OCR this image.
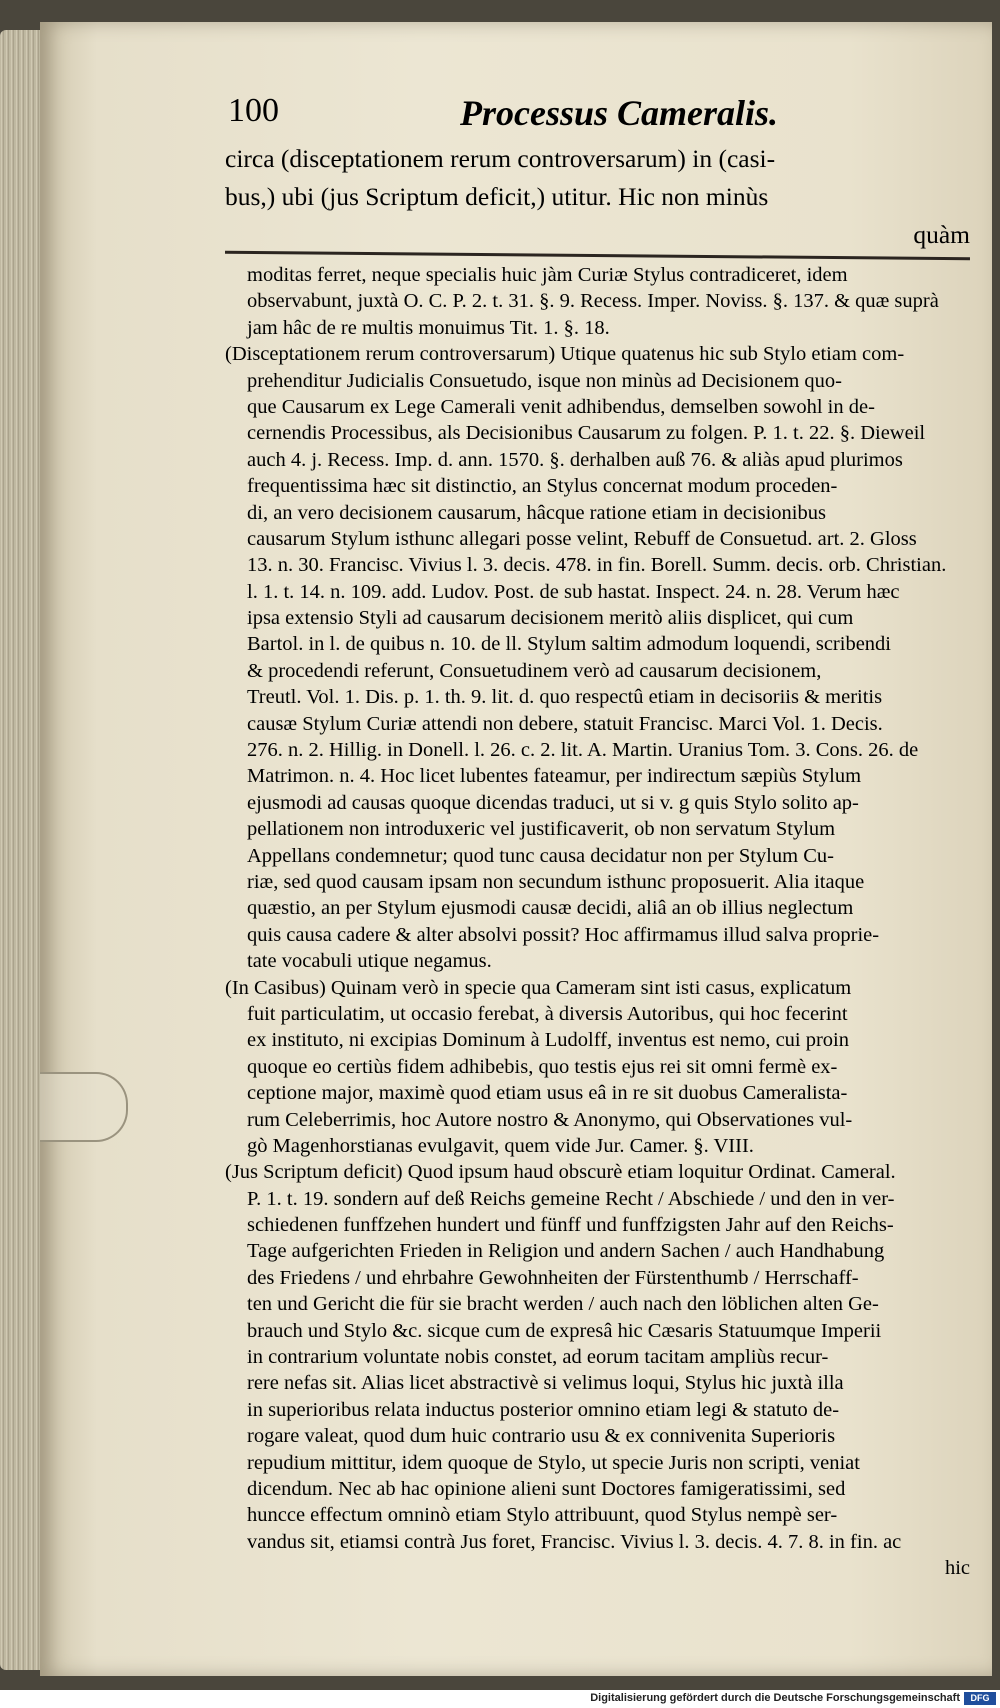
100	Processus Cameralis.
circa (disceptationem rerum controversarum) in (casi-
bus,) ubi (jus Scriptum deficit,) utitur. Hic non minùs
quàm
moditas ferret, neque specialis huic jàm Curiæ Stylus contradiceret, idem
observabunt, juxtà O. C. P. 2. t. 31. §. 9. Recess. Imper. Noviss. §. 137. & quæ suprà
jam hâc de re multis monuimus Tit. 1. §. 18.
(Disceptationem rerum controversarum) Utique quatenus hic sub Stylo etiam com-
prehenditur Judicialis Consuetudo, isque non minùs ad Decisionem quo-
que Causarum ex Lege Camerali venit adhibendus, demselben sowohl in de-
cernendis Processibus, als Decisionibus Causarum zu folgen. P. 1. t. 22. §. Dieweil
auch 4. j. Recess. Imp. d. ann. 1570. §. derhalben auß 76. & aliàs apud plurimos
frequentissima hæc sit distinctio, an Stylus concernat modum proceden-
di, an vero decisionem causarum, hâcque ratione etiam in decisionibus
causarum Stylum isthunc allegari posse velint, Rebuff de Consuetud. art. 2. Gloss
13. n. 30. Francisc. Vivius l. 3. decis. 478. in fin. Borell. Summ. decis. orb. Christian.
l. 1. t. 14. n. 109. add. Ludov. Post. de sub hastat. Inspect. 24. n. 28. Verum hæc
ipsa extensio Styli ad causarum decisionem meritò aliis displicet, qui cum
Bartol. in l. de quibus n. 10. de ll. Stylum saltim admodum loquendi, scribendi
& procedendi referunt, Consuetudinem verò ad causarum decisionem,
Treutl. Vol. 1. Dis. p. 1. th. 9. lit. d. quo respectû etiam in decisoriis & meritis
causæ Stylum Curiæ attendi non debere, statuit Francisc. Marci Vol. 1. Decis.
276. n. 2. Hillig. in Donell. l. 26. c. 2. lit. A. Martin. Uranius Tom. 3. Cons. 26. de
Matrimon. n. 4. Hoc licet lubentes fateamur, per indirectum sæpiùs Stylum
ejusmodi ad causas quoque dicendas traduci, ut si v. g quis Stylo solito ap-
pellationem non introduxeric vel justificaverit, ob non servatum Stylum
Appellans condemnetur; quod tunc causa decidatur non per Stylum Cu-
riæ, sed quod causam ipsam non secundum isthunc proposuerit. Alia itaque
quæstio, an per Stylum ejusmodi causæ decidi, aliâ an ob illius neglectum
quis causa cadere & alter absolvi possit? Hoc affirmamus illud salva proprie-
tate vocabuli utique negamus.
(In Casibus) Quinam verò in specie qua Cameram sint isti casus, explicatum
fuit particulatim, ut occasio ferebat, à diversis Autoribus, qui hoc fecerint
ex instituto, ni excipias Dominum à Ludolff, inventus est nemo, cui proin
quoque eo certiùs fidem adhibebis, quo testis ejus rei sit omni fermè ex-
ceptione major, maximè quod etiam usus eâ in re sit duobus Cameralista-
rum Celeberrimis, hoc Autore nostro & Anonymo, qui Observationes vul-
gò Magenhorstianas evulgavit, quem vide Jur. Camer. §. VIII.
(Jus Scriptum deficit) Quod ipsum haud obscurè etiam loquitur Ordinat. Cameral.
P. 1. t. 19. sondern auf deß Reichs gemeine Recht / Abschiede / und den in ver-
schiedenen funffzehen hundert und fünff und funffzigsten Jahr auf den Reichs-
Tage aufgerichten Frieden in Religion und andern Sachen / auch Handhabung
des Friedens / und ehrbahre Gewohnheiten der Fürstenthumb / Herrschaff-
ten und Gericht die für sie bracht werden / auch nach den löblichen alten Ge-
brauch und Stylo &c. sicque cum de expresâ hic Cæsaris Statuumque Imperii
in contrarium voluntate nobis constet, ad eorum tacitam ampliùs recur-
rere nefas sit. Alias licet abstractivè si velimus loqui, Stylus hic juxtà illa
in superioribus relata inductus posterior omnino etiam legi & statuto de-
rogare valeat, quod dum huic contrario usu & ex connivenita Superioris
repudium mittitur, idem quoque de Stylo, ut specie Juris non scripti, veniat
dicendum. Nec ab hac opinione alieni sunt Doctores famigeratissimi, sed
huncce effectum omninò etiam Stylo attribuunt, quod Stylus nempè ser-
vandus sit, etiamsi contrà Jus foret, Francisc. Vivius l. 3. decis. 4. 7. 8. in fin. ac
hic
Digitalisierung gefördert durch die Deutsche Forschungsgemeinschaft	DFG
